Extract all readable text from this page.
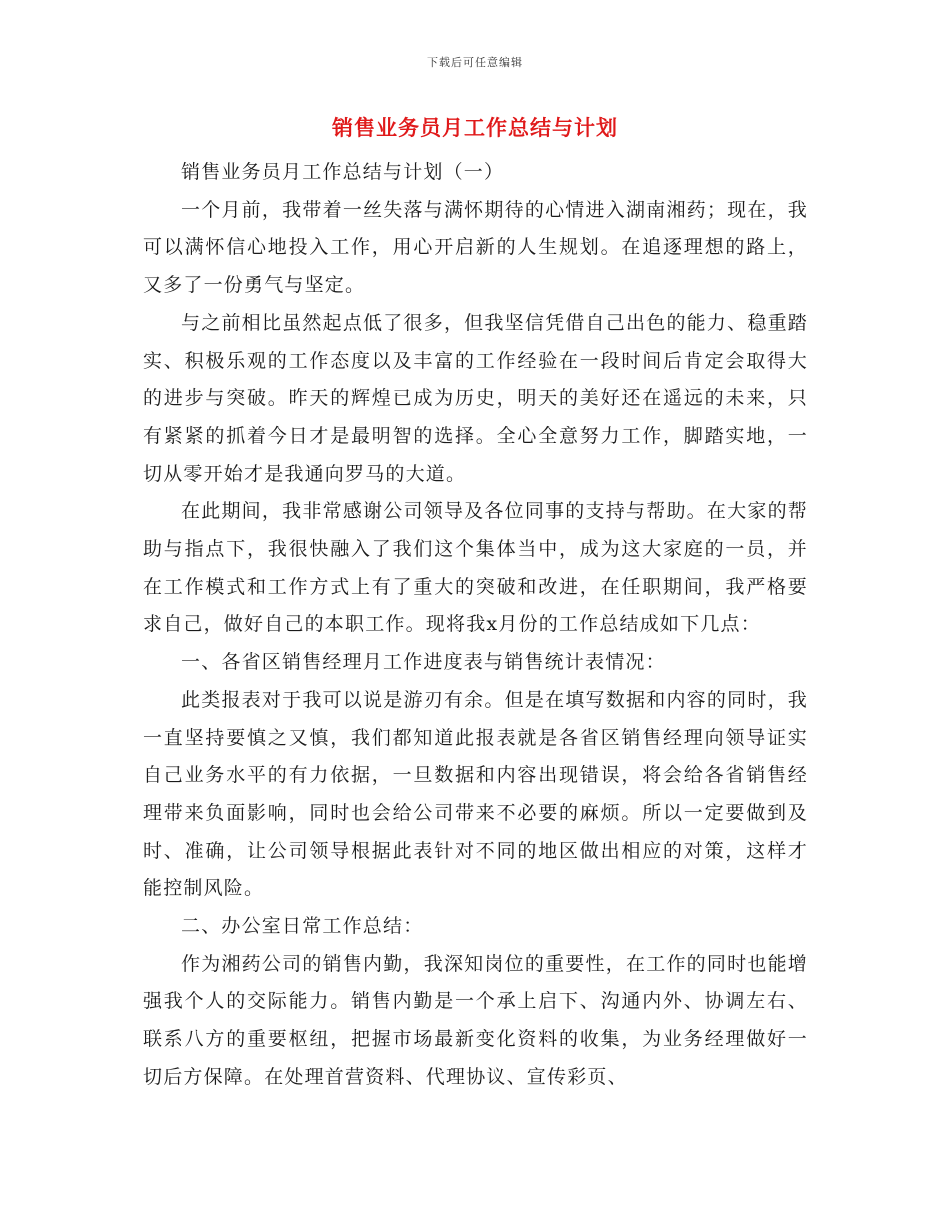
下载后可任意编辑
销售业务员月工作总结与计划

销售业务员月工作总结与计划（一）

一个月前，我带着一丝失落与满怀期待的心情进入湖南湘药；现在，我可以满怀信心地投入工作，用心开启新的人生规划。在追逐理想的路上，又多了一份勇气与坚定。

与之前相比虽然起点低了很多，但我坚信凭借自己出色的能力、稳重踏实、积极乐观的工作态度以及丰富的工作经验在一段时间后肯定会取得大的进步与突破。昨天的辉煌已成为历史，明天的美好还在遥远的未来，只有紧紧的抓着今日才是最明智的选择。全心全意努力工作，脚踏实地，一切从零开始才是我通向罗马的大道。

在此期间，我非常感谢公司领导及各位同事的支持与帮助。在大家的帮助与指点下，我很快融入了我们这个集体当中，成为这大家庭的一员，并在工作模式和工作方式上有了重大的突破和改进，在任职期间，我严格要求自己，做好自己的本职工作。现将我x月份的工作总结成如下几点：

一、各省区销售经理月工作进度表与销售统计表情况：

此类报表对于我可以说是游刃有余。但是在填写数据和内容的同时，我一直坚持要慎之又慎，我们都知道此报表就是各省区销售经理向领导证实自己业务水平的有力依据，一旦数据和内容出现错误，将会给各省销售经理带来负面影响，同时也会给公司带来不必要的麻烦。所以一定要做到及时、准确，让公司领导根据此表针对不同的地区做出相应的对策，这样才能控制风险。

二、办公室日常工作总结：

作为湘药公司的销售内勤，我深知岗位的重要性，在工作的同时也能增强我个人的交际能力。销售内勤是一个承上启下、沟通内外、协调左右、联系八方的重要枢纽，把握市场最新变化资料的收集，为业务经理做好一切后方保障。在处理首营资料、代理协议、宣传彩页、
